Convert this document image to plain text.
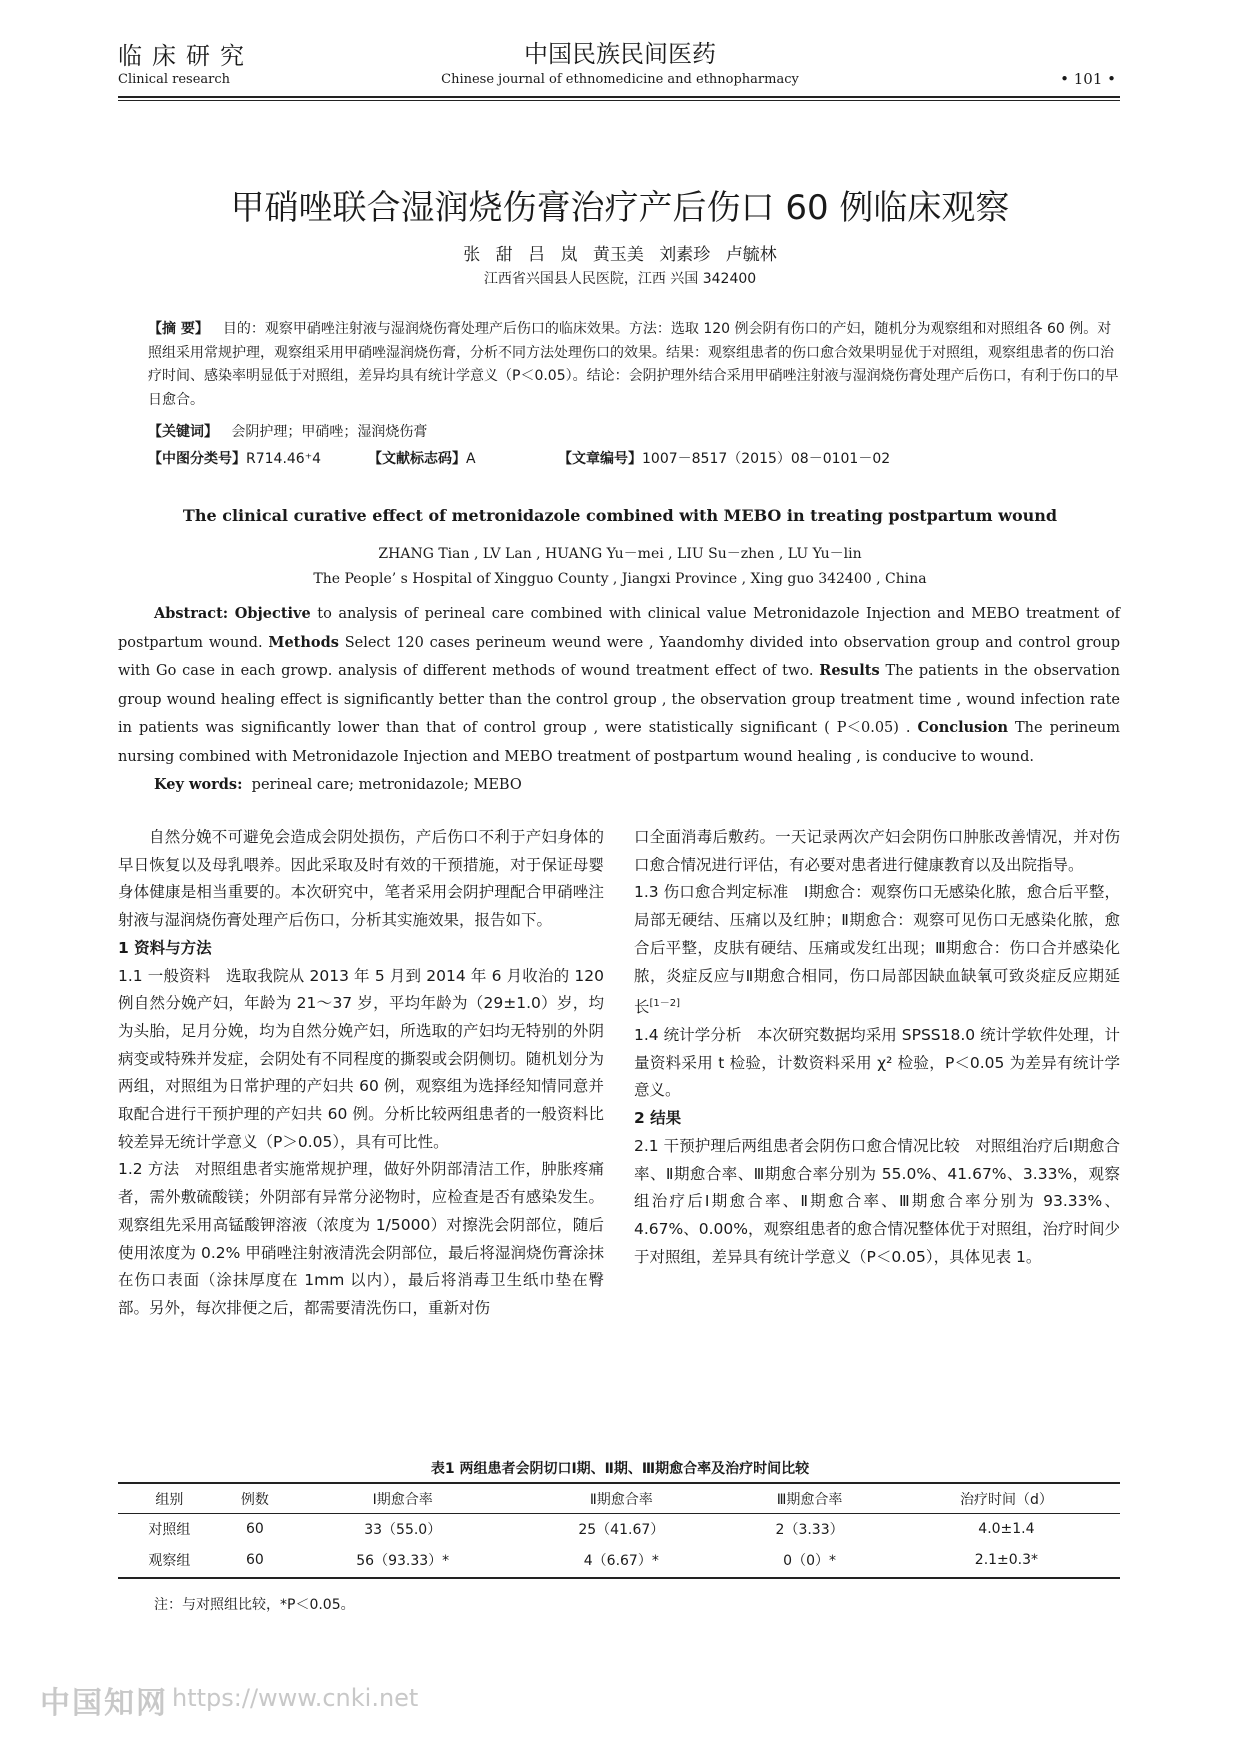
临床研究	中国民族民间医药
Clinical research	Chinese journal of ethnomedicine and ethnopharmacy	• 101 •
甲硝唑联合湿润烧伤膏治疗产后伤口 60 例临床观察
张 甜 吕 岚 黄玉美 刘素珍 卢毓林
江西省兴国县人民医院，江西 兴国 342400
【摘 要】 目的：观察甲硝唑注射液与湿润烧伤膏处理产后伤口的临床效果。方法：选取 120 例会阴有伤口的产妇，随机分为观察组和对照组各 60 例。对照组采用常规护理，观察组采用甲硝唑湿润烧伤膏，分析不同方法处理伤口的效果。结果：观察组患者的伤口愈合效果明显优于对照组，观察组患者的伤口治疗时间、感染率明显低于对照组，差异均具有统计学意义（P＜0.05）。结论：会阴护理外结合采用甲硝唑注射液与湿润烧伤膏处理产后伤口，有利于伤口的早日愈合。
【关键词】 会阴护理；甲硝唑；湿润烧伤膏
【中图分类号】R714.46⁺4	【文献标志码】A	【文章编号】1007－8517（2015）08－0101－02
The clinical curative effect of metronidazole combined with MEBO in treating postpartum wound
ZHANG Tian , LV Lan , HUANG Yu－mei , LIU Su－zhen , LU Yu－lin
The People’ s Hospital of Xingguo County , Jiangxi Province , Xing guo 342400 , China
Abstract: Objective to analysis of perineal care combined with clinical value Metronidazole Injection and MEBO treatment of postpartum wound. Methods Select 120 cases perineum weund were , Yaandomhy divided into observation group and control group with Go case in each growp. analysis of different methods of wound treatment effect of two. Results The patients in the observation group wound healing effect is significantly better than the control group , the observation group treatment time , wound infection rate in patients was significantly lower than that of control group , were statistically significant ( P＜0.05) . Conclusion The perineum nursing combined with Metronidazole Injection and MEBO treatment of postpartum wound healing , is conducive to wound.
Key words: perineal care; metronidazole; MEBO

自然分娩不可避免会造成会阴处损伤，产后伤口不利于产妇身体的早日恢复以及母乳喂养。因此采取及时有效的干预措施，对于保证母婴身体健康是相当重要的。本次研究中，笔者采用会阴护理配合甲硝唑注射液与湿润烧伤膏处理产后伤口，分析其实施效果，报告如下。

1 资料与方法

1.1 一般资料 选取我院从 2013 年 5 月到 2014 年 6 月收治的 120 例自然分娩产妇，年龄为 21～37 岁，平均年龄为（29±1.0）岁，均为头胎，足月分娩，均为自然分娩产妇，所选取的产妇均无特别的外阴病变或特殊并发症，会阴处有不同程度的撕裂或会阴侧切。随机划分为两组，对照组为日常护理的产妇共 60 例，观察组为选择经知情同意并取配合进行干预护理的产妇共 60 例。分析比较两组患者的一般资料比较差异无统计学意义（P＞0.05），具有可比性。

1.2 方法 对照组患者实施常规护理，做好外阴部清洁工作，肿胀疼痛者，需外敷硫酸镁；外阴部有异常分泌物时，应检查是否有感染发生。观察组先采用高锰酸钾溶液（浓度为 1/5000）对擦洗会阴部位，随后使用浓度为 0.2% 甲硝唑注射液清洗会阴部位，最后将湿润烧伤膏涂抹在伤口表面（涂抹厚度在 1mm 以内），最后将消毒卫生纸巾垫在臀部。另外，每次排便之后，都需要清洗伤口，重新对伤

口全面消毒后敷药。一天记录两次产妇会阴伤口肿胀改善情况，并对伤口愈合情况进行评估，有必要对患者进行健康教育以及出院指导。

1.3 伤口愈合判定标准 Ⅰ期愈合：观察伤口无感染化脓，愈合后平整，局部无硬结、压痛以及红肿；Ⅱ期愈合：观察可见伤口无感染化脓，愈合后平整，皮肤有硬结、压痛或发红出现；Ⅲ期愈合：伤口合并感染化脓，炎症反应与Ⅱ期愈合相同，伤口局部因缺血缺氧可致炎症反应期延长[1－2]

1.4 统计学分析 本次研究数据均采用 SPSS18.0 统计学软件处理，计量资料采用 t 检验，计数资料采用 χ² 检验，P＜0.05 为差异有统计学意义。

2 结果

2.1 干预护理后两组患者会阴伤口愈合情况比较 对照组治疗后Ⅰ期愈合率、Ⅱ期愈合率、Ⅲ期愈合率分别为 55.0%、41.67%、3.33%，观察组治疗后Ⅰ期愈合率、Ⅱ期愈合率、Ⅲ期愈合率分别为 93.33%、4.67%、0.00%，观察组患者的愈合情况整体优于对照组，治疗时间少于对照组，差异具有统计学意义（P＜0.05），具体见表 1。

表1 两组患者会阴切口Ⅰ期、Ⅱ期、Ⅲ期愈合率及治疗时间比较
组别	例数	Ⅰ期愈合率	Ⅱ期愈合率	Ⅲ期愈合率	治疗时间（d）
对照组	60	33（55.0）	25（41.67）	2（3.33）	4.0±1.4
观察组	60	56（93.33）*	4（6.67）*	0（0）*	2.1±0.3*
注：与对照组比较，*P＜0.05。
中国知网 https://www.cnki.net
